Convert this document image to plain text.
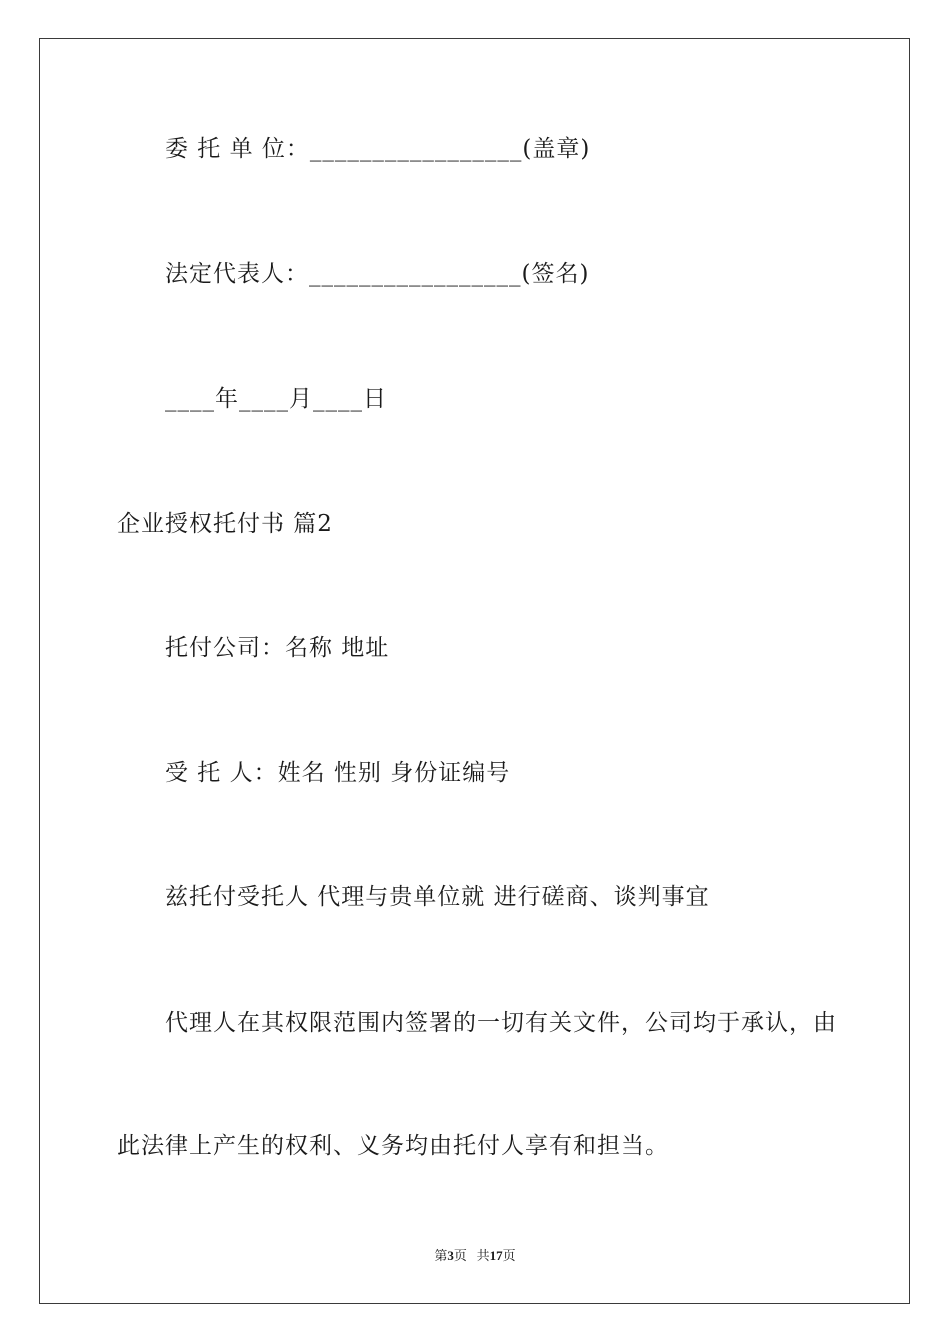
委 托 单 位：_________________(盖章)
法定代表人：_________________(签名)
____年____月____日
企业授权托付书 篇2
托付公司：名称 地址
受 托 人：姓名 性别 身份证编号
兹托付受托人 代理与贵单位就 进行磋商、谈判事宜
代理人在其权限范围内签署的一切有关文件，公司均于承认，由
此法律上产生的权利、义务均由托付人享有和担当。
第3页 共17页
